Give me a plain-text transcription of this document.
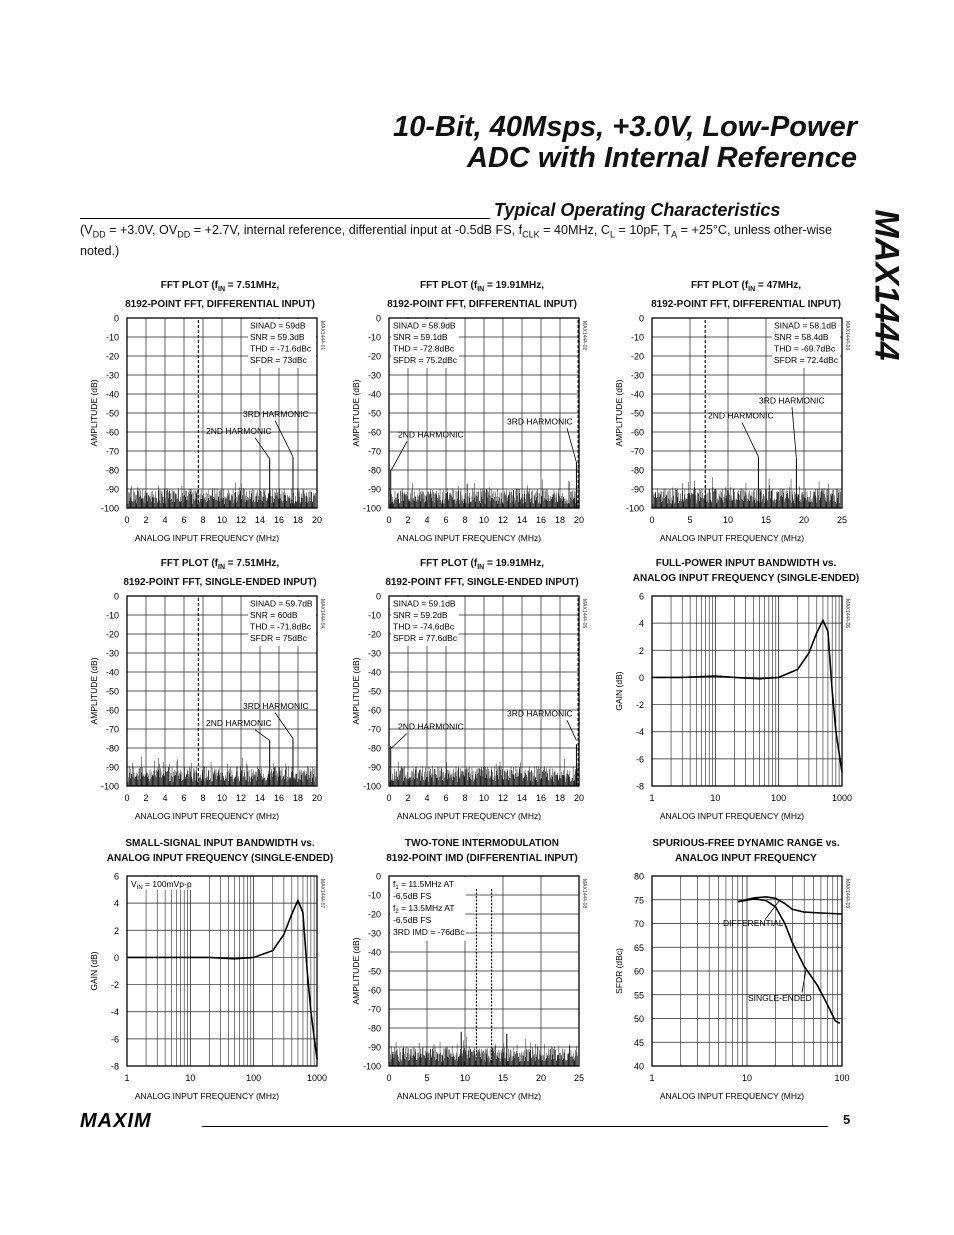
10-Bit, 40Msps, +3.0V, Low-Power
ADC with Internal Reference
Typical Operating Characteristics
($V_{DD} = +3.0V$, $OV_{DD} = +2.7V$, internal reference, differential input at -0.5dB FS, $f_{CLK} = 40MHz$, $C_L = 10pF$, $T_A = +25^\circ C$, unless other-wise noted.)	MAX1444
FFT PLOT ($f_{IN} = 7.51MHz$,
8192-POINT FFT, DIFFERENTIAL INPUT)
FFT PLOT ($f_{IN} = 19.91MHz$,
8192-POINT FFT, DIFFERENTIAL INPUT)
FFT PLOT ($f_{IN} = 47MHz$,
8192-POINT FFT, DIFFERENTIAL INPUT)
FFT PLOT ($f_{IN} = 7.51MHz$,
8192-POINT FFT, SINGLE-ENDED INPUT)
FFT PLOT ($f_{IN} = 19.91MHz$,
8192-POINT FFT, SINGLE-ENDED INPUT)
FULL-POWER INPUT BANDWIDTH vs.
ANALOG INPUT FREQUENCY (SINGLE-ENDED)
SMALL-SIGNAL INPUT BANDWIDTH vs.
ANALOG INPUT FREQUENCY (SINGLE-ENDED)
TWO-TONE INTERMODULATION
8192-POINT IMD (DIFFERENTIAL INPUT)
SPURIOUS-FREE DYNAMIC RANGE vs.
ANALOG INPUT FREQUENCY
0
-10
-20
-30
-40
-50
-60
-70
-80
-90
-100
0 2 4 6 8 10 12 14 16 18 20
ANALOG INPUT FREQUENCY (MHz)
AMPLITUDE (dB)
MAX1444-01
SINAD = 59dB
SNR = 59.3dB
THD = -71.6dBc
SFDR = 73dBc
3RD HARMONIC
2ND HARMONIC
0
-10
-20
-30
-40
-50
-60
-70
-80
-90
-100
0 2 4 6 8 10 12 14 16 18 20
ANALOG INPUT FREQUENCY (MHz)
AMPLITUDE (dB)
MAX1444-02
SINAD = 58.9dB
SNR = 59.1dB
THD = -72.8dBc
SFDR = 75.2dBc
3RD HARMONIC
2ND HARMONIC
0
-10
-20
-30
-40
-50
-60
-70
-80
-90
-100
0	5	10	15	20	25
ANALOG INPUT FREQUENCY (MHz)
AMPLITUDE (dB)
MAX1444-03
SINAD = 58.1dB
SNR = 58.4dB
THD = -69.7dBc
SFDR = 72.4dBc
3RD HARMONIC
2ND HARMONIC
0
-10
-20
-30
-40
-50
-60
-70
-80
-90
-100
0 2 4 6 8 10 12 14 16 18 20
ANALOG INPUT FREQUENCY (MHz)
AMPLITUDE (dB)
MAX1444-04
SINAD = 59.7dB
SNR = 60dB
THD = -71.8dBc
SFDR = 75dBc
3RD HARMONIC
2ND HARMONIC
0
-10
-20
-30
-40
-50
-60
-70
-80
-90
-100
0 2 4 6 8 10 12 14 16 18 20
ANALOG INPUT FREQUENCY (MHz)
AMPLITUDE (dB)
MAX1444-05
SINAD = 59.1dB
SNR = 59.2dB
THD = -74.6dBc
SFDR = 77.6dBc
3RD HARMONIC
2ND HARMONIC
6
4
2
0
-2
-4
-6
-8
1	10	100	1000
ANALOG INPUT FREQUENCY (MHz)
GAIN (dB)
MAX1444-06
6
4
2
0
-2
-4
-6
-8
1	10	100	1000
ANALOG INPUT FREQUENCY (MHz)
GAIN (dB)
MAX1444-07
$V_{IN} = 100mVp-p$
0
-10
-20
-30
-40
-50
-60
-70
-80
-90
-100
0	5	10	15	20	25
ANALOG INPUT FREQUENCY (MHz)
AMPLITUDE (dB)
MAX1444-08
$f_1 = 11.5MHz$ AT
-6.5dB FS
$f_2 = 13.5MHz$ AT
-6.5dB FS
3RD IMD = -76dBc
80
75
70
65
60
55
50
45
40
1	10	100
ANALOG INPUT FREQUENCY (MHz)
SFDR (dBc)
MAX1444-09
DIFFERENTIAL
SINGLE-ENDED
MAXIM	5
